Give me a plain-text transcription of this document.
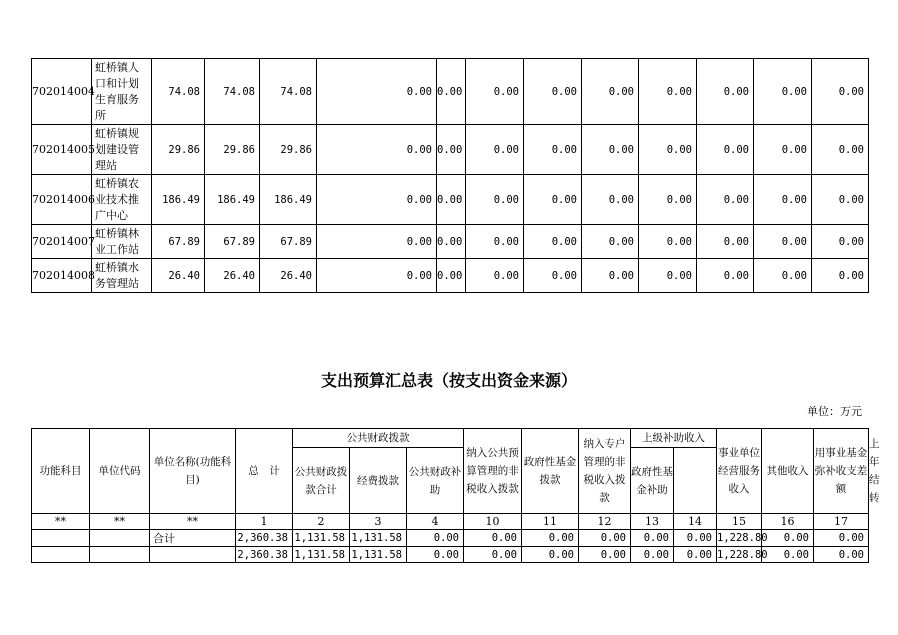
702014004	虹桥镇人口和计划生育服务所	74.08	74.08	74.08	0.00	0.00	0.00	0.00	0.00	0.00	0.00	0.00	0.00
702014005	虹桥镇规划建设管理站	29.86	29.86	29.86	0.00	0.00	0.00	0.00	0.00	0.00	0.00	0.00	0.00
702014006	虹桥镇农业技术推广中心	186.49	186.49	186.49	0.00	0.00	0.00	0.00	0.00	0.00	0.00	0.00	0.00
702014007	虹桥镇林业工作站	67.89	67.89	67.89	0.00	0.00	0.00	0.00	0.00	0.00	0.00	0.00	0.00
702014008	虹桥镇水务管理站	26.40	26.40	26.40	0.00	0.00	0.00	0.00	0.00	0.00	0.00	0.00	0.00
支出预算汇总表（按支出资金来源）
单位：万元
功能科目	单位代码	单位名称(功能科目)	总　计	公共财政拨款			纳入公共预算管理的非税收入拨款	政府性基金拨款	纳入专户管理的非税收入拨款	上级补助收入		事业单位经营服务收入	其他收入	用事业基金弥补收支差额	上年结转
				公共财政拨款合计	经费拨款	公共财政补助				政府性基金补助					
**	**	**	1	2	3	4	10	11	12	13	14	15	16	17	
		合计	2,360.38	1,131.58	1,131.58	0.00	0.00	0.00	0.00	0.00	0.00	1,228.80	0.00	0.00	
			2,360.38	1,131.58	1,131.58	0.00	0.00	0.00	0.00	0.00	0.00	1,228.80	0.00	0.00	
